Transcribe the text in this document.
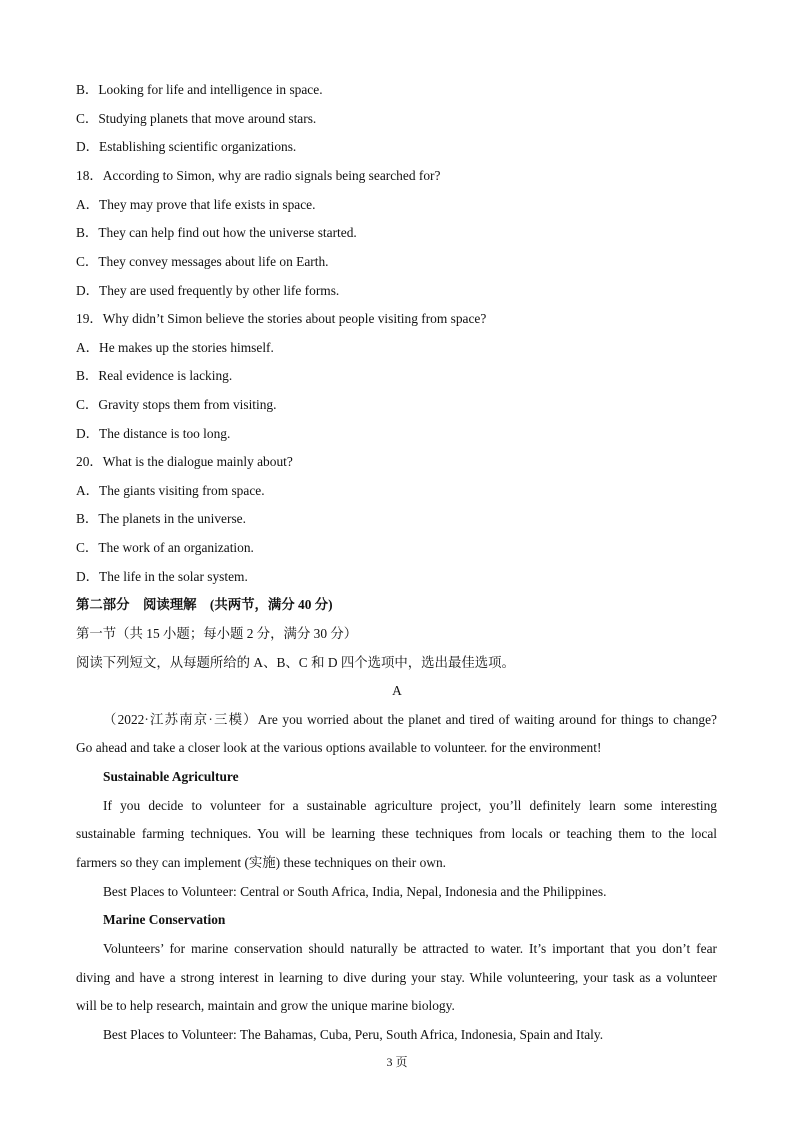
B．Looking for life and intelligence in space.
C．Studying planets that move around stars.
D．Establishing scientific organizations.
18．According to Simon, why are radio signals being searched for?
A．They may prove that life exists in space.
B．They can help find out how the universe started.
C．They convey messages about life on Earth.
D．They are used frequently by other life forms.
19．Why didn’t Simon believe the stories about people visiting from space?
A．He makes up the stories himself.
B．Real evidence is lacking.
C．Gravity stops them from visiting.
D．The distance is too long.
20．What is the dialogue mainly about?
A．The giants visiting from space.
B．The planets in the universe.
C．The work of an organization.
D．The life in the solar system.
第二部分　阅读理解　(共两节，满分 40 分)
第一节（共 15 小题；每小题 2 分，满分 30 分）
阅读下列短文，从每题所给的 A、B、C 和 D 四个选项中，选出最佳选项。
A
（2022·江苏南京·三模）Are you worried about the planet and tired of waiting around for things to change?
Go ahead and take a closer look at the various options available to volunteer. for the environment!
Sustainable Agriculture
If you decide to volunteer for a sustainable agriculture project, you’ll definitely learn some interesting
sustainable farming techniques. You will be learning these techniques from locals or teaching them to the local
farmers so they can implement (实施) these techniques on their own.
Best Places to Volunteer: Central or South Africa, India, Nepal, Indonesia and the Philippines.
Marine Conservation
Volunteers’ for marine conservation should naturally be attracted to water. It’s important that you don’t fear
diving and have a strong interest in learning to dive during your stay. While volunteering, your task as a volunteer
will be to help research, maintain and grow the unique marine biology.
Best Places to Volunteer: The Bahamas, Cuba, Peru, South Africa, Indonesia, Spain and Italy.
3 页
